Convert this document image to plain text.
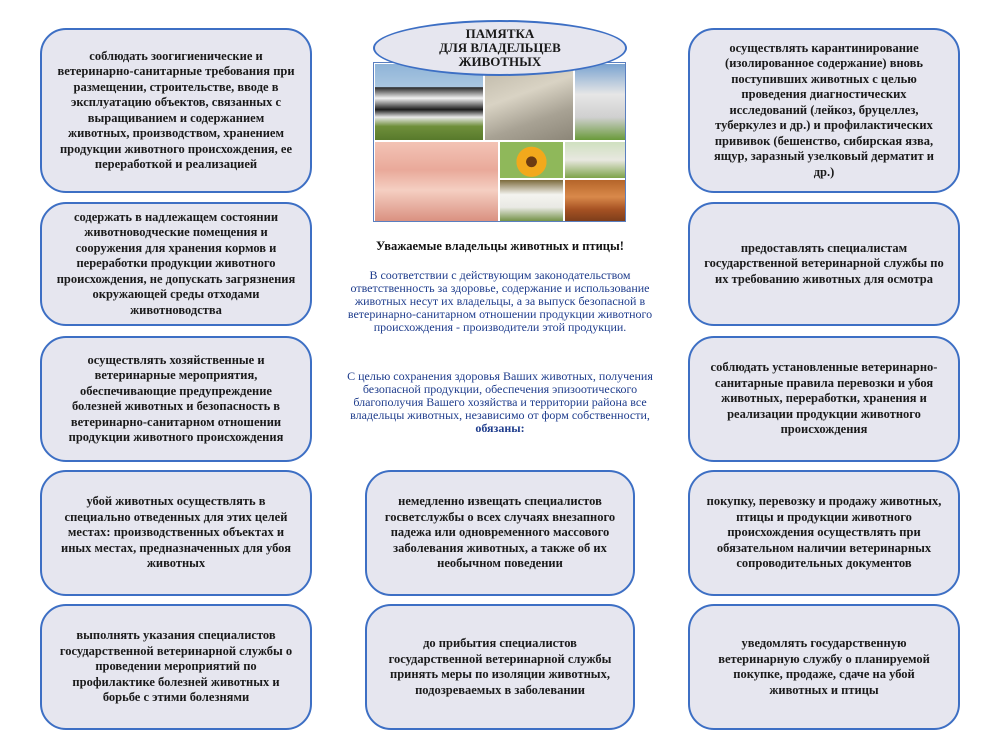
ПАМЯТКА
ДЛЯ ВЛАДЕЛЬЦЕВ
ЖИВОТНЫХ
Уважаемые владельцы животных и птицы!
В соответствии с действующим законодательством ответственность за здоровье, содержание и использование животных несут их владельцы, а за выпуск безопасной в ветеринарно-санитарном отношении продукции животного происхождения - производители этой продукции.
С целью сохранения здоровья Ваших животных, получения безопасной продукции, обеспечения эпизоотического благополучия Вашего хозяйства и территории района все владельцы животных, независимо от форм собственности, обязаны:
соблюдать зоогигиенические и ветеринарно-санитарные требования при размещении, строительстве, вводе в эксплуатацию объектов, связанных с выращиванием и содержанием животных, производством, хранением продукции животного происхождения, ее переработкой и реализацией
содержать в надлежащем состоянии животноводческие помещения и сооружения для хранения кормов и переработки продукции животного происхождения, не допускать загрязнения окружающей среды отходами животноводства
осуществлять хозяйственные и ветеринарные мероприятия, обеспечивающие предупреждение болезней животных и безопасность в ветеринарно-санитарном отношении продукции животного происхождения
убой животных осуществлять в специально отведенных для этих целей местах: производственных объектах и иных местах, предназначенных для убоя животных
выполнять указания специалистов государственной ветеринарной службы о проведении мероприятий по профилактике болезней животных и борьбе с этими болезнями
немедленно извещать специалистов госветслужбы о всех случаях внезапного падежа или одновременного массового заболевания животных, а также об их необычном поведении
до прибытия специалистов государственной ветеринарной службы принять меры по изоляции животных, подозреваемых в заболевании
осуществлять карантинирование (изолированное содержание) вновь поступивших животных с целью проведения диагностических исследований (лейкоз, бруцеллез, туберкулез и др.) и профилактических прививок (бешенство, сибирская язва, ящур, заразный узелковый дерматит и др.)
предоставлять специалистам государственной ветеринарной службы по их требованию животных для осмотра
соблюдать установленные ветеринарно-санитарные правила перевозки и убоя животных, переработки, хранения и реализации продукции животного происхождения
покупку, перевозку и продажу животных, птицы и продукции животного происхождения осуществлять при обязательном наличии ветеринарных сопроводительных документов
уведомлять государственную ветеринарную службу о планируемой покупке, продаже, сдаче на убой животных и птицы
